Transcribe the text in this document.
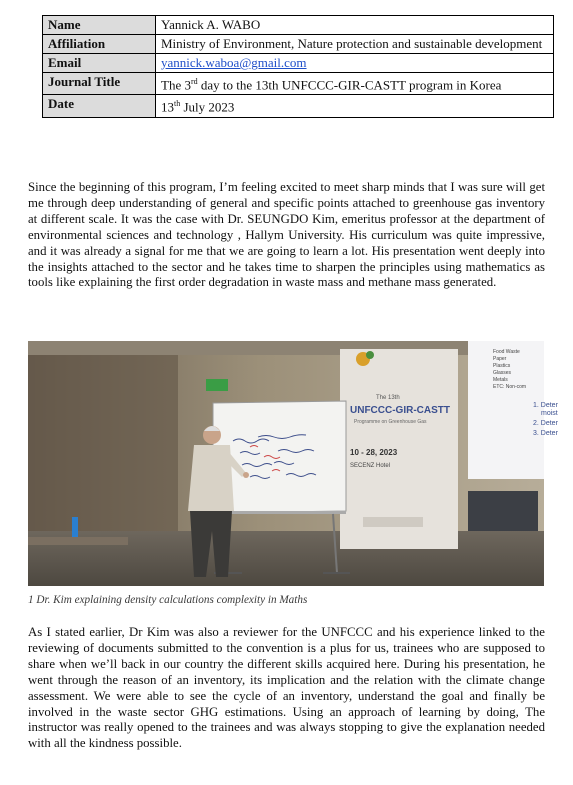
Name	Yannick A. WABO
Affiliation	Ministry of Environment, Nature protection and sustainable development
Email	yannick.waboa@gmail.com
Journal Title	The 3rd day to the 13th UNFCCC-GIR-CASTT program in Korea
Date	13th July 2023

Since the beginning of this program, I’m feeling excited to meet sharp minds that I was sure will get me through deep understanding of general and specific points attached to greenhouse gas inventory at different scale. It was the case with Dr. SEUNGDO Kim, emeritus professor at the department of environmental sciences and technology , Hallym University. His curriculum was quite impressive, and it was already a signal for me that we are going to learn a lot. His presentation went deeply into the insights attached to the sector and he takes time to sharpen the principles using mathematics as tools like explaining the first order degradation in waste mass and methane mass generated.

The 13th
UNFCCC-GIR-CASTT
Programme on Greenhouse Gas
10 - 28, 2023
SECENZ Hotel
Food Waste
Paper
Plastics
Glasses
Metals
ETC: Non-com
1. Deter
moist
2. Deter
3. Deter
1 Dr. Kim explaining density calculations complexity in Maths

As I stated earlier, Dr Kim was also a reviewer for the UNFCCC and his experience linked to the reviewing of documents submitted to the convention is a plus for us, trainees who are supposed to share when we’ll back in our country the different skills acquired here. During his presentation, he went through the reason of an inventory, its implication and the relation with the climate change assessment. We were able to see the cycle of an inventory, understand the goal and finally be involved in the waste sector GHG estimations. Using an approach of learning by doing, The instructor was really opened to the trainees and was always stopping to give the explanation needed with all the kindness possible.
